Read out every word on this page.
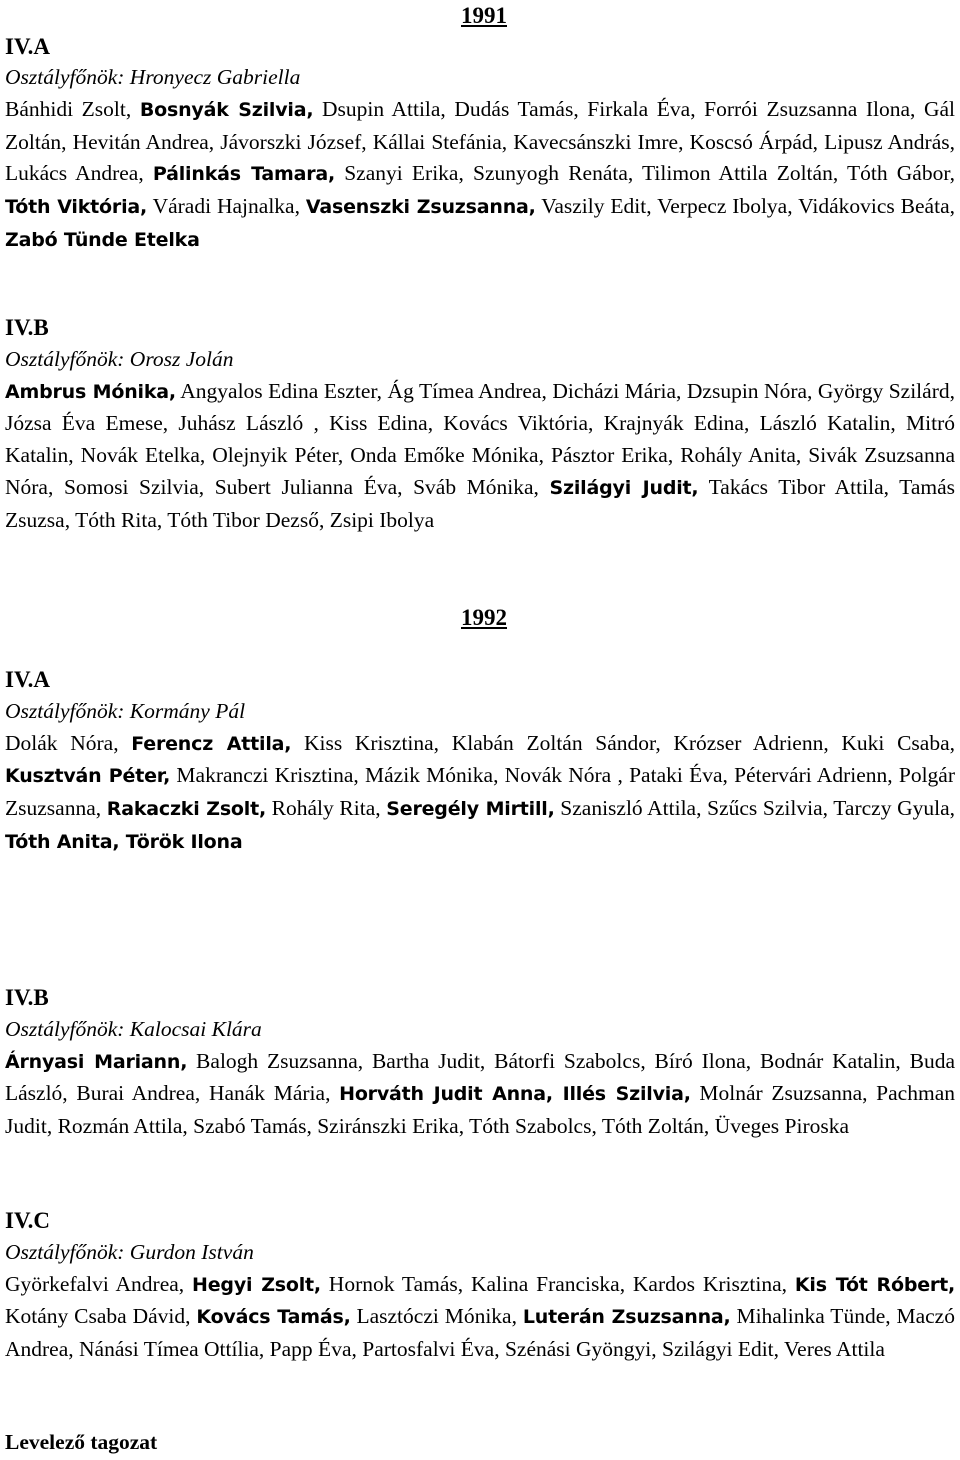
1991
IV.A
Osztályfőnök: Hronyecz Gabriella

Bánhidi Zsolt, Bosnyák Szilvia, Dsupin Attila, Dudás Tamás, Firkala Éva, Forrói Zsuzsanna Ilona, Gál Zoltán, Hevitán Andrea, Jávorszki József, Kállai Stefánia, Kavecsánszki Imre, Koscsó Árpád, Lipusz András, Lukács Andrea, Pálinkás Tamara, Szanyi Erika, Szunyogh Renáta, Tilimon Attila Zoltán, Tóth Gábor, Tóth Viktória, Váradi Hajnalka, Vasenszki Zsuzsanna, Vaszily Edit, Verpecz Ibolya, Vidákovics Beáta, Zabó Tünde Etelka

IV.B
Osztályfőnök: Orosz Jolán

Ambrus Mónika, Angyalos Edina Eszter, Ág Tímea Andrea, Dicházi Mária, Dzsupin Nóra, György Szilárd, Józsa Éva Emese, Juhász László , Kiss Edina, Kovács Viktória, Krajnyák Edina, László Katalin, Mitró Katalin, Novák Etelka, Olejnyik Péter, Onda Emőke Mónika, Pásztor Erika, Rohály Anita, Sivák Zsuzsanna Nóra, Somosi Szilvia, Subert Julianna Éva, Sváb Mónika, Szilágyi Judit, Takács Tibor Attila, Tamás Zsuzsa, Tóth Rita, Tóth Tibor Dezső, Zsipi Ibolya

1992
IV.A
Osztályfőnök: Kormány Pál

Dolák Nóra, Ferencz Attila, Kiss Krisztina, Klabán Zoltán Sándor, Krózser Adrienn, Kuki Csaba, Kusztván Péter, Makranczi Krisztina, Mázik Mónika, Novák Nóra , Pataki Éva, Pétervári Adrienn, Polgár Zsuzsanna, Rakaczki Zsolt, Rohály Rita, Seregély Mirtill, Szaniszló Attila, Szűcs Szilvia, Tarczy Gyula, Tóth Anita, Török Ilona

IV.B
Osztályfőnök: Kalocsai Klára

Árnyasi Mariann, Balogh Zsuzsanna, Bartha Judit, Bátorfi Szabolcs, Bíró Ilona, Bodnár Katalin, Buda László, Burai Andrea, Hanák Mária, Horváth Judit Anna, Illés Szilvia, Molnár Zsuzsanna, Pachman Judit, Rozmán Attila, Szabó Tamás, Sziránszki Erika, Tóth Szabolcs, Tóth Zoltán, Üveges Piroska

IV.C
Osztályfőnök: Gurdon István

Györkefalvi Andrea, Hegyi Zsolt, Hornok Tamás, Kalina Franciska, Kardos Krisztina, Kis Tót Róbert, Kotány Csaba Dávid, Kovács Tamás, Lasztóczi Mónika, Luterán Zsuzsanna, Mihalinka Tünde, Maczó Andrea, Nánási Tímea Ottília, Papp Éva, Partosfalvi Éva, Szénási Gyöngyi, Szilágyi Edit, Veres Attila

Levelező tagozat
